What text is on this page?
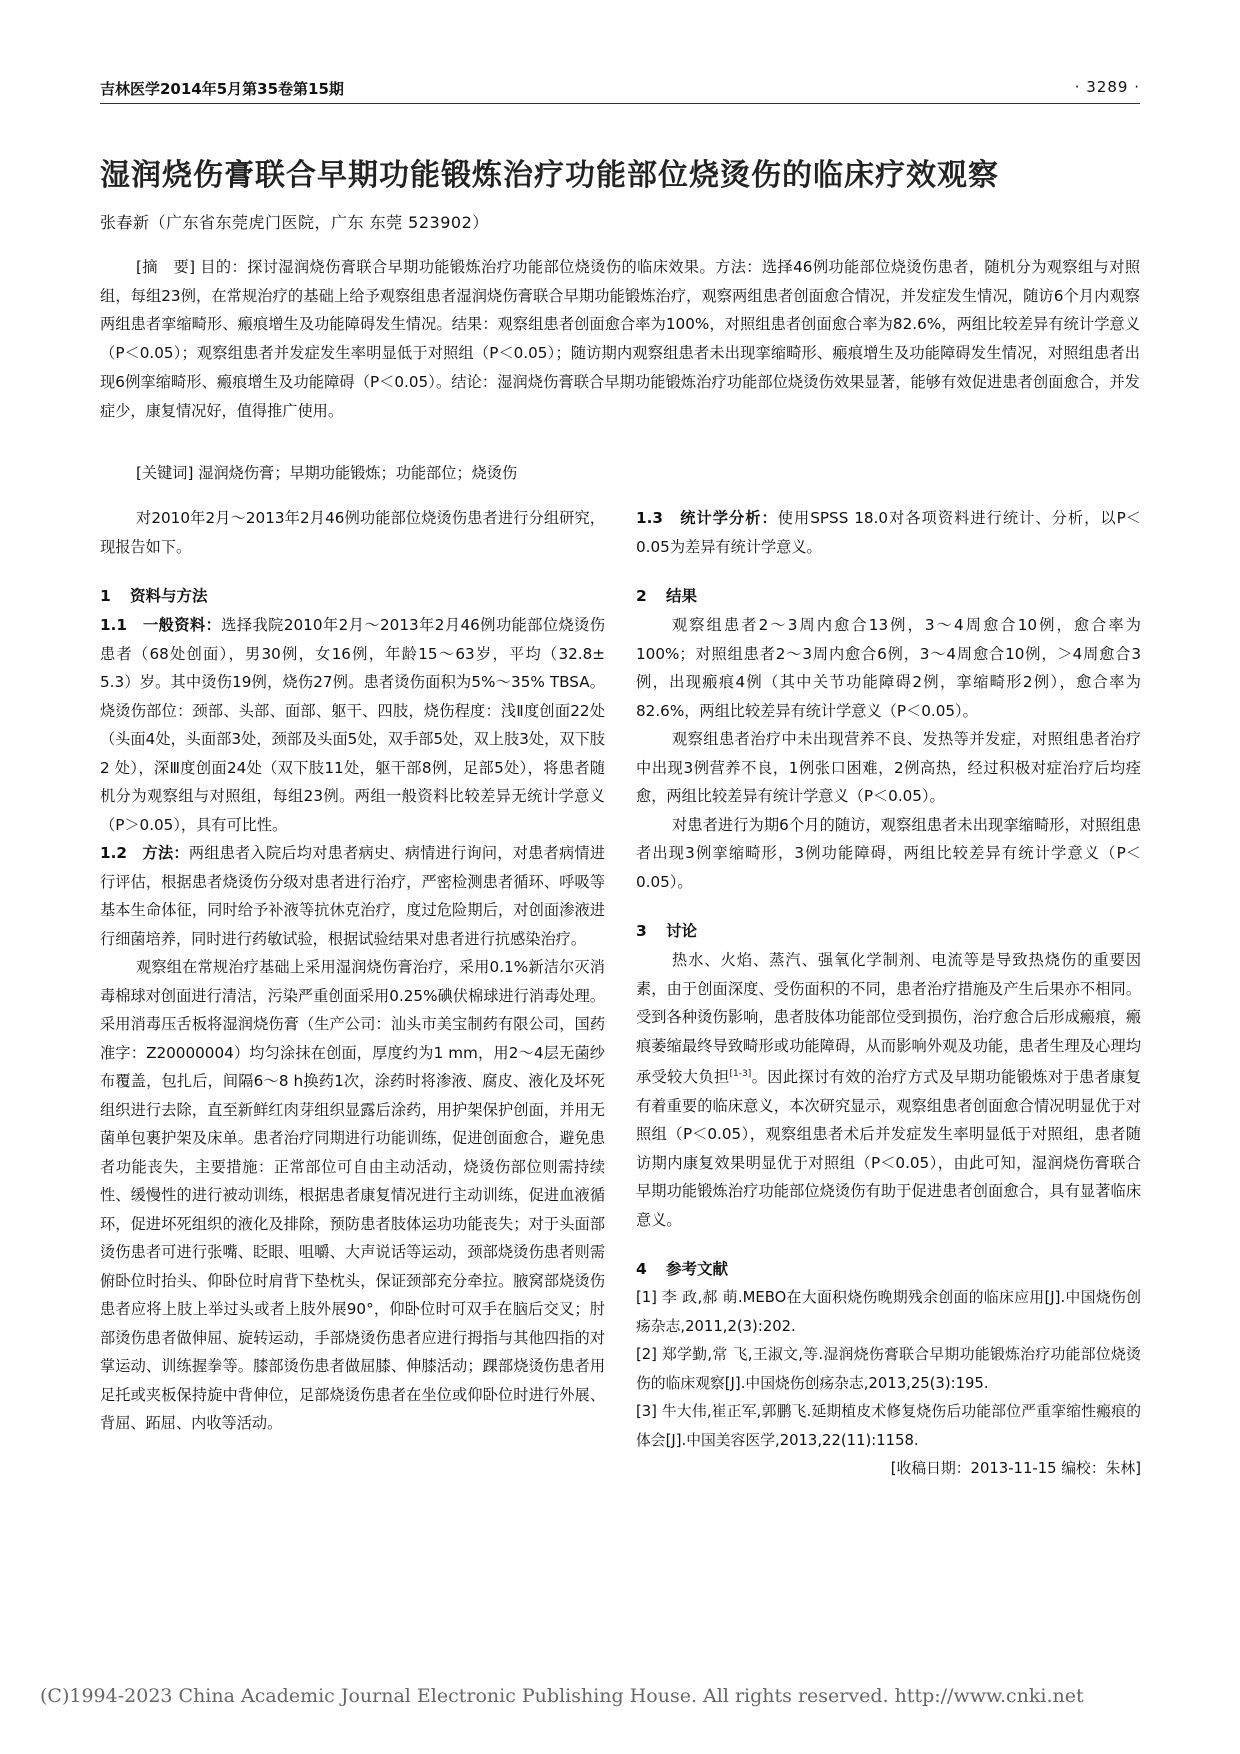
吉林医学2014年5月第35卷第15期	· 3289 ·
湿润烧伤膏联合早期功能锻炼治疗功能部位烧烫伤的临床疗效观察
张春新（广东省东莞虎门医院，广东 东莞 523902）

[摘　要] 目的：探讨湿润烧伤膏联合早期功能锻炼治疗功能部位烧烫伤的临床效果。方法：选择46例功能部位烧烫伤患者，随机分为观察组与对照组，每组23例，在常规治疗的基础上给予观察组患者湿润烧伤膏联合早期功能锻炼治疗，观察两组患者创面愈合情况，并发症发生情况，随访6个月内观察两组患者挛缩畸形、瘢痕增生及功能障碍发生情况。结果：观察组患者创面愈合率为100%，对照组患者创面愈合率为82.6%，两组比较差异有统计学意义（P＜0.05）；观察组患者并发症发生率明显低于对照组（P＜0.05）；随访期内观察组患者未出现挛缩畸形、瘢痕增生及功能障碍发生情况，对照组患者出现6例挛缩畸形、瘢痕增生及功能障碍（P＜0.05）。结论：湿润烧伤膏联合早期功能锻炼治疗功能部位烧烫伤效果显著，能够有效促进患者创面愈合，并发症少，康复情况好，值得推广使用。

[关键词] 湿润烧伤膏；早期功能锻炼；功能部位；烧烫伤

对2010年2月～2013年2月46例功能部位烧烫伤患者进行分组研究，现报告如下。

1 资料与方法

1.1　一般资料：选择我院2010年2月～2013年2月46例功能部位烧烫伤患者（68处创面），男30例，女16例，年龄15～63岁，平均（32.8± 5.3）岁。其中烫伤19例，烧伤27例。患者烫伤面积为5%～35% TBSA。烧烫伤部位：颈部、头部、面部、躯干、四肢，烧伤程度：浅Ⅱ度创面22处（头面4处，头面部3处，颈部及头面5处，双手部5处，双上肢3处，双下肢2 处），深Ⅲ度创面24处（双下肢11处，躯干部8例，足部5处），将患者随机分为观察组与对照组，每组23例。两组一般资料比较差异无统计学意义（P＞0.05），具有可比性。

1.2　方法：两组患者入院后均对患者病史、病情进行询问，对患者病情进行评估，根据患者烧烫伤分级对患者进行治疗，严密检测患者循环、呼吸等基本生命体征，同时给予补液等抗休克治疗，度过危险期后，对创面渗液进行细菌培养，同时进行药敏试验，根据试验结果对患者进行抗感染治疗。

观察组在常规治疗基础上采用湿润烧伤膏治疗，采用0.1%新洁尔灭消毒棉球对创面进行清洁，污染严重创面采用0.25%碘伏棉球进行消毒处理。采用消毒压舌板将湿润烧伤膏（生产公司：汕头市美宝制药有限公司，国药准字：Z20000004）均匀涂抹在创面，厚度约为1 mm，用2～4层无菌纱布覆盖，包扎后，间隔6～8 h换药1次，涂药时将渗液、腐皮、液化及坏死组织进行去除，直至新鲜红肉芽组织显露后涂药，用护架保护创面，并用无菌单包裹护架及床单。患者治疗同期进行功能训练，促进创面愈合，避免患者功能丧失，主要措施：正常部位可自由主动活动，烧烫伤部位则需持续性、缓慢性的进行被动训练，根据患者康复情况进行主动训练，促进血液循环，促进坏死组织的液化及排除，预防患者肢体运功功能丧失；对于头面部烫伤患者可进行张嘴、眨眼、咀嚼、大声说话等运动，颈部烧烫伤患者则需俯卧位时抬头、仰卧位时肩背下垫枕头，保证颈部充分牵拉。腋窝部烧烫伤患者应将上肢上举过头或者上肢外展90°，仰卧位时可双手在脑后交叉；肘部烫伤患者做伸屈、旋转运动，手部烧烫伤患者应进行拇指与其他四指的对掌运动、训练握拳等。膝部烫伤患者做屈膝、伸膝活动；踝部烧烫伤患者用足托或夹板保持旋中背伸位，足部烧烫伤患者在坐位或仰卧位时进行外展、背屈、跖屈、内收等活动。

1.3　统计学分析：使用SPSS 18.0对各项资料进行统计、分析，以P＜0.05为差异有统计学意义。

2 结果

观察组患者2～3周内愈合13例，3～4周愈合10例，愈合率为100%；对照组患者2～3周内愈合6例，3～4周愈合10例，＞4周愈合3例，出现瘢痕4例（其中关节功能障碍2例，挛缩畸形2例），愈合率为82.6%，两组比较差异有统计学意义（P＜0.05）。

观察组患者治疗中未出现营养不良、发热等并发症，对照组患者治疗中出现3例营养不良，1例张口困难，2例高热，经过积极对症治疗后均痊愈，两组比较差异有统计学意义（P＜0.05）。

对患者进行为期6个月的随访，观察组患者未出现挛缩畸形，对照组患者出现3例挛缩畸形，3例功能障碍，两组比较差异有统计学意义（P＜0.05）。

3 讨论

热水、火焰、蒸汽、强氧化学制剂、电流等是导致热烧伤的重要因素，由于创面深度、受伤面积的不同，患者治疗措施及产生后果亦不相同。受到各种烫伤影响，患者肢体功能部位受到损伤，治疗愈合后形成瘢痕，瘢痕萎缩最终导致畸形或功能障碍，从而影响外观及功能，患者生理及心理均承受较大负担[1-3]。因此探讨有效的治疗方式及早期功能锻炼对于患者康复有着重要的临床意义，本次研究显示，观察组患者创面愈合情况明显优于对照组（P＜0.05），观察组患者术后并发症发生率明显低于对照组，患者随访期内康复效果明显优于对照组（P＜0.05），由此可知，湿润烧伤膏联合早期功能锻炼治疗功能部位烧烫伤有助于促进患者创面愈合，具有显著临床意义。

4 参考文献

[1] 李 政,郝 萌.MEBO在大面积烧伤晚期残余创面的临床应用[J].中国烧伤创疡杂志,2011,2(3):202.

[2] 郑学勤,常 飞,王淑文,等.湿润烧伤膏联合早期功能锻炼治疗功能部位烧烫伤的临床观察[J].中国烧伤创疡杂志,2013,25(3):195.

[3] 牛大伟,崔正军,郭鹏飞.延期植皮术修复烧伤后功能部位严重挛缩性瘢痕的体会[J].中国美容医学,2013,22(11):1158.

[收稿日期：2013-11-15 编校：朱林]

(C)1994-2023 China Academic Journal Electronic Publishing House. All rights reserved. http://www.cnki.net
